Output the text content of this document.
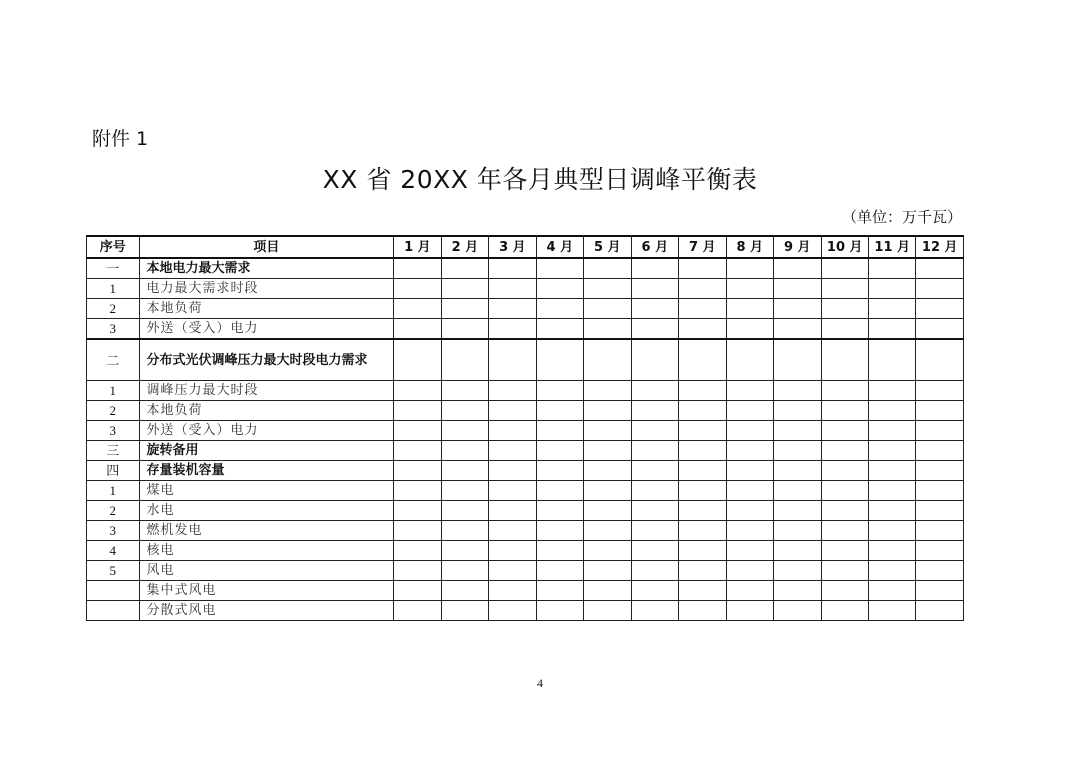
附件 1
XX 省 20XX 年各月典型日调峰平衡表
（单位：万千瓦）
序号	项目	1 月	2 月	3 月	4 月	5 月	6 月	7 月	8 月	9 月	10 月	11 月	12 月
一	本地电力最大需求												
1	电力最大需求时段												
2	本地负荷												
3	外送（受入）电力												
二	分布式光伏调峰压力最大时段电力需求												
1	调峰压力最大时段												
2	本地负荷												
3	外送（受入）电力												
三	旋转备用												
四	存量装机容量												
1	煤电												
2	水电												
3	燃机发电												
4	核电												
5	风电												
	集中式风电												
	分散式风电												
4
